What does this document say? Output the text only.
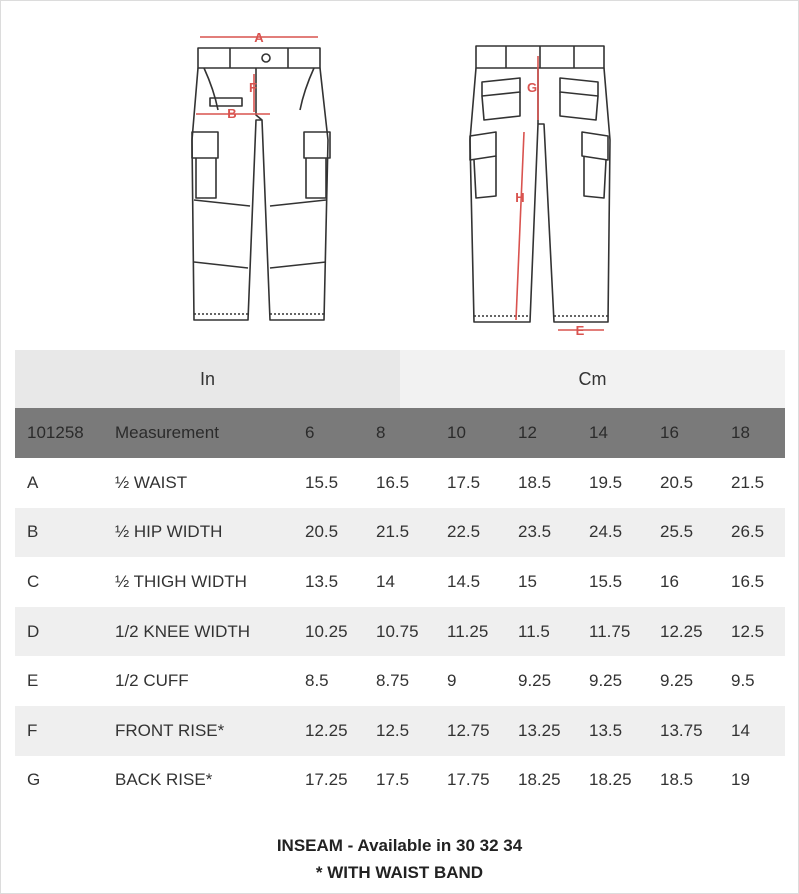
A
B
F	G
H
E
In	Cm
101258	Measurement	6	8	10	12	14	16	18
A	½ WAIST	15.5	16.5	17.5	18.5	19.5	20.5	21.5
B	½ HIP WIDTH	20.5	21.5	22.5	23.5	24.5	25.5	26.5
C	½ THIGH WIDTH	13.5	14	14.5	15	15.5	16	16.5
D	1/2 KNEE WIDTH	10.25	10.75	11.25	11.5	11.75	12.25	12.5
E	1/2 CUFF	8.5	8.75	9	9.25	9.25	9.25	9.5
F	FRONT RISE*	12.25	12.5	12.75	13.25	13.5	13.75	14
G	BACK RISE*	17.25	17.5	17.75	18.25	18.25	18.5	19
INSEAM - Available in 30 32 34
* WITH WAIST BAND
